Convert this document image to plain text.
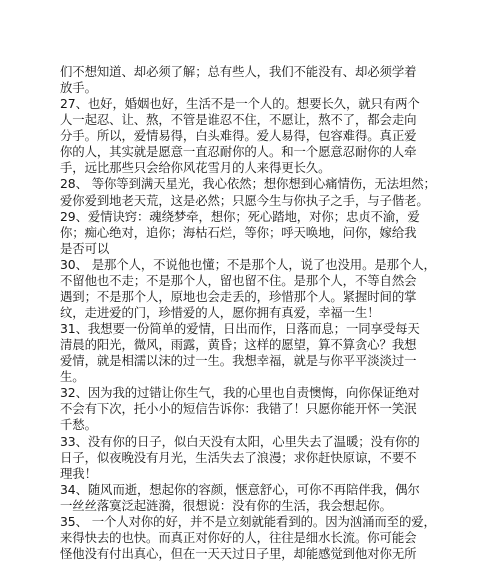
们不想知道、却必须了解；总有些人，我们不能没有、却必须学着
放手。
27、也好，婚姻也好，生活不是一个人的。想要长久，就只有两个
人一起忍、让、熬，不管是谁忍不住，不愿让，熬不了，都会走向
分手。所以，爱情易得，白头难得。爱人易得，包容难得。真正爱
你的人，其实就是愿意一直忍耐你的人。和一个愿意忍耐你的人牵
手，远比那些只会给你风花雪月的人来得更长久。
28、 等你等到满天星光，我心依然；想你想到心痛情伤，无法坦然；
爱你爱到地老天荒，这是必然；只愿今生与你执子之手，与子偕老。
29、爱情诀窍：魂绕梦牵，想你；死心踏地，对你；忠贞不渝，爱
你；痴心绝对，追你；海枯石烂，等你；呼天唤地，问你，嫁给我
是否可以
30、 是那个人，不说他也懂；不是那个人，说了也没用。是那个人，
不留他也不走；不是那个人，留也留不住。是那个人，不等自然会
遇到；不是那个人，原地也会走丢的，珍惜那个人。紧握时间的掌
纹，走进爱的门，珍惜爱的人，愿你拥有真爱，幸福一生！
31、我想要一份简单的爱情，日出而作，日落而息；一同享受每天
清晨的阳光，微风，雨露，黄昏；这样的愿望，算不算贪心？我想
爱情，就是相濡以沫的过一生。我想幸福，就是与你平平淡淡过一
生。
32、因为我的过错让你生气，我的心里也自责懊悔，向你保证绝对
不会有下次，托小小的短信告诉你：我错了！只愿你能开怀一笑泯
千愁。
33、没有你的日子，似白天没有太阳，心里失去了温暖；没有你的
日子，似夜晚没有月光，生活失去了浪漫；求你赶快原谅，不要不
理我！
34、随风而逝，想起你的容颜，惬意舒心，可你不再陪伴我，偶尔
一丝丝落寞泛起涟漪，很想说：没有你的生活，我会想起你。
35、 一个人对你的好，并不是立刻就能看到的。因为汹涌而至的爱，
来得快去的也快。而真正对你好的人，往往是细水长流。你可能会
怪他没有付出真心，但在一天天过日子里，却能感觉到他对你无所
